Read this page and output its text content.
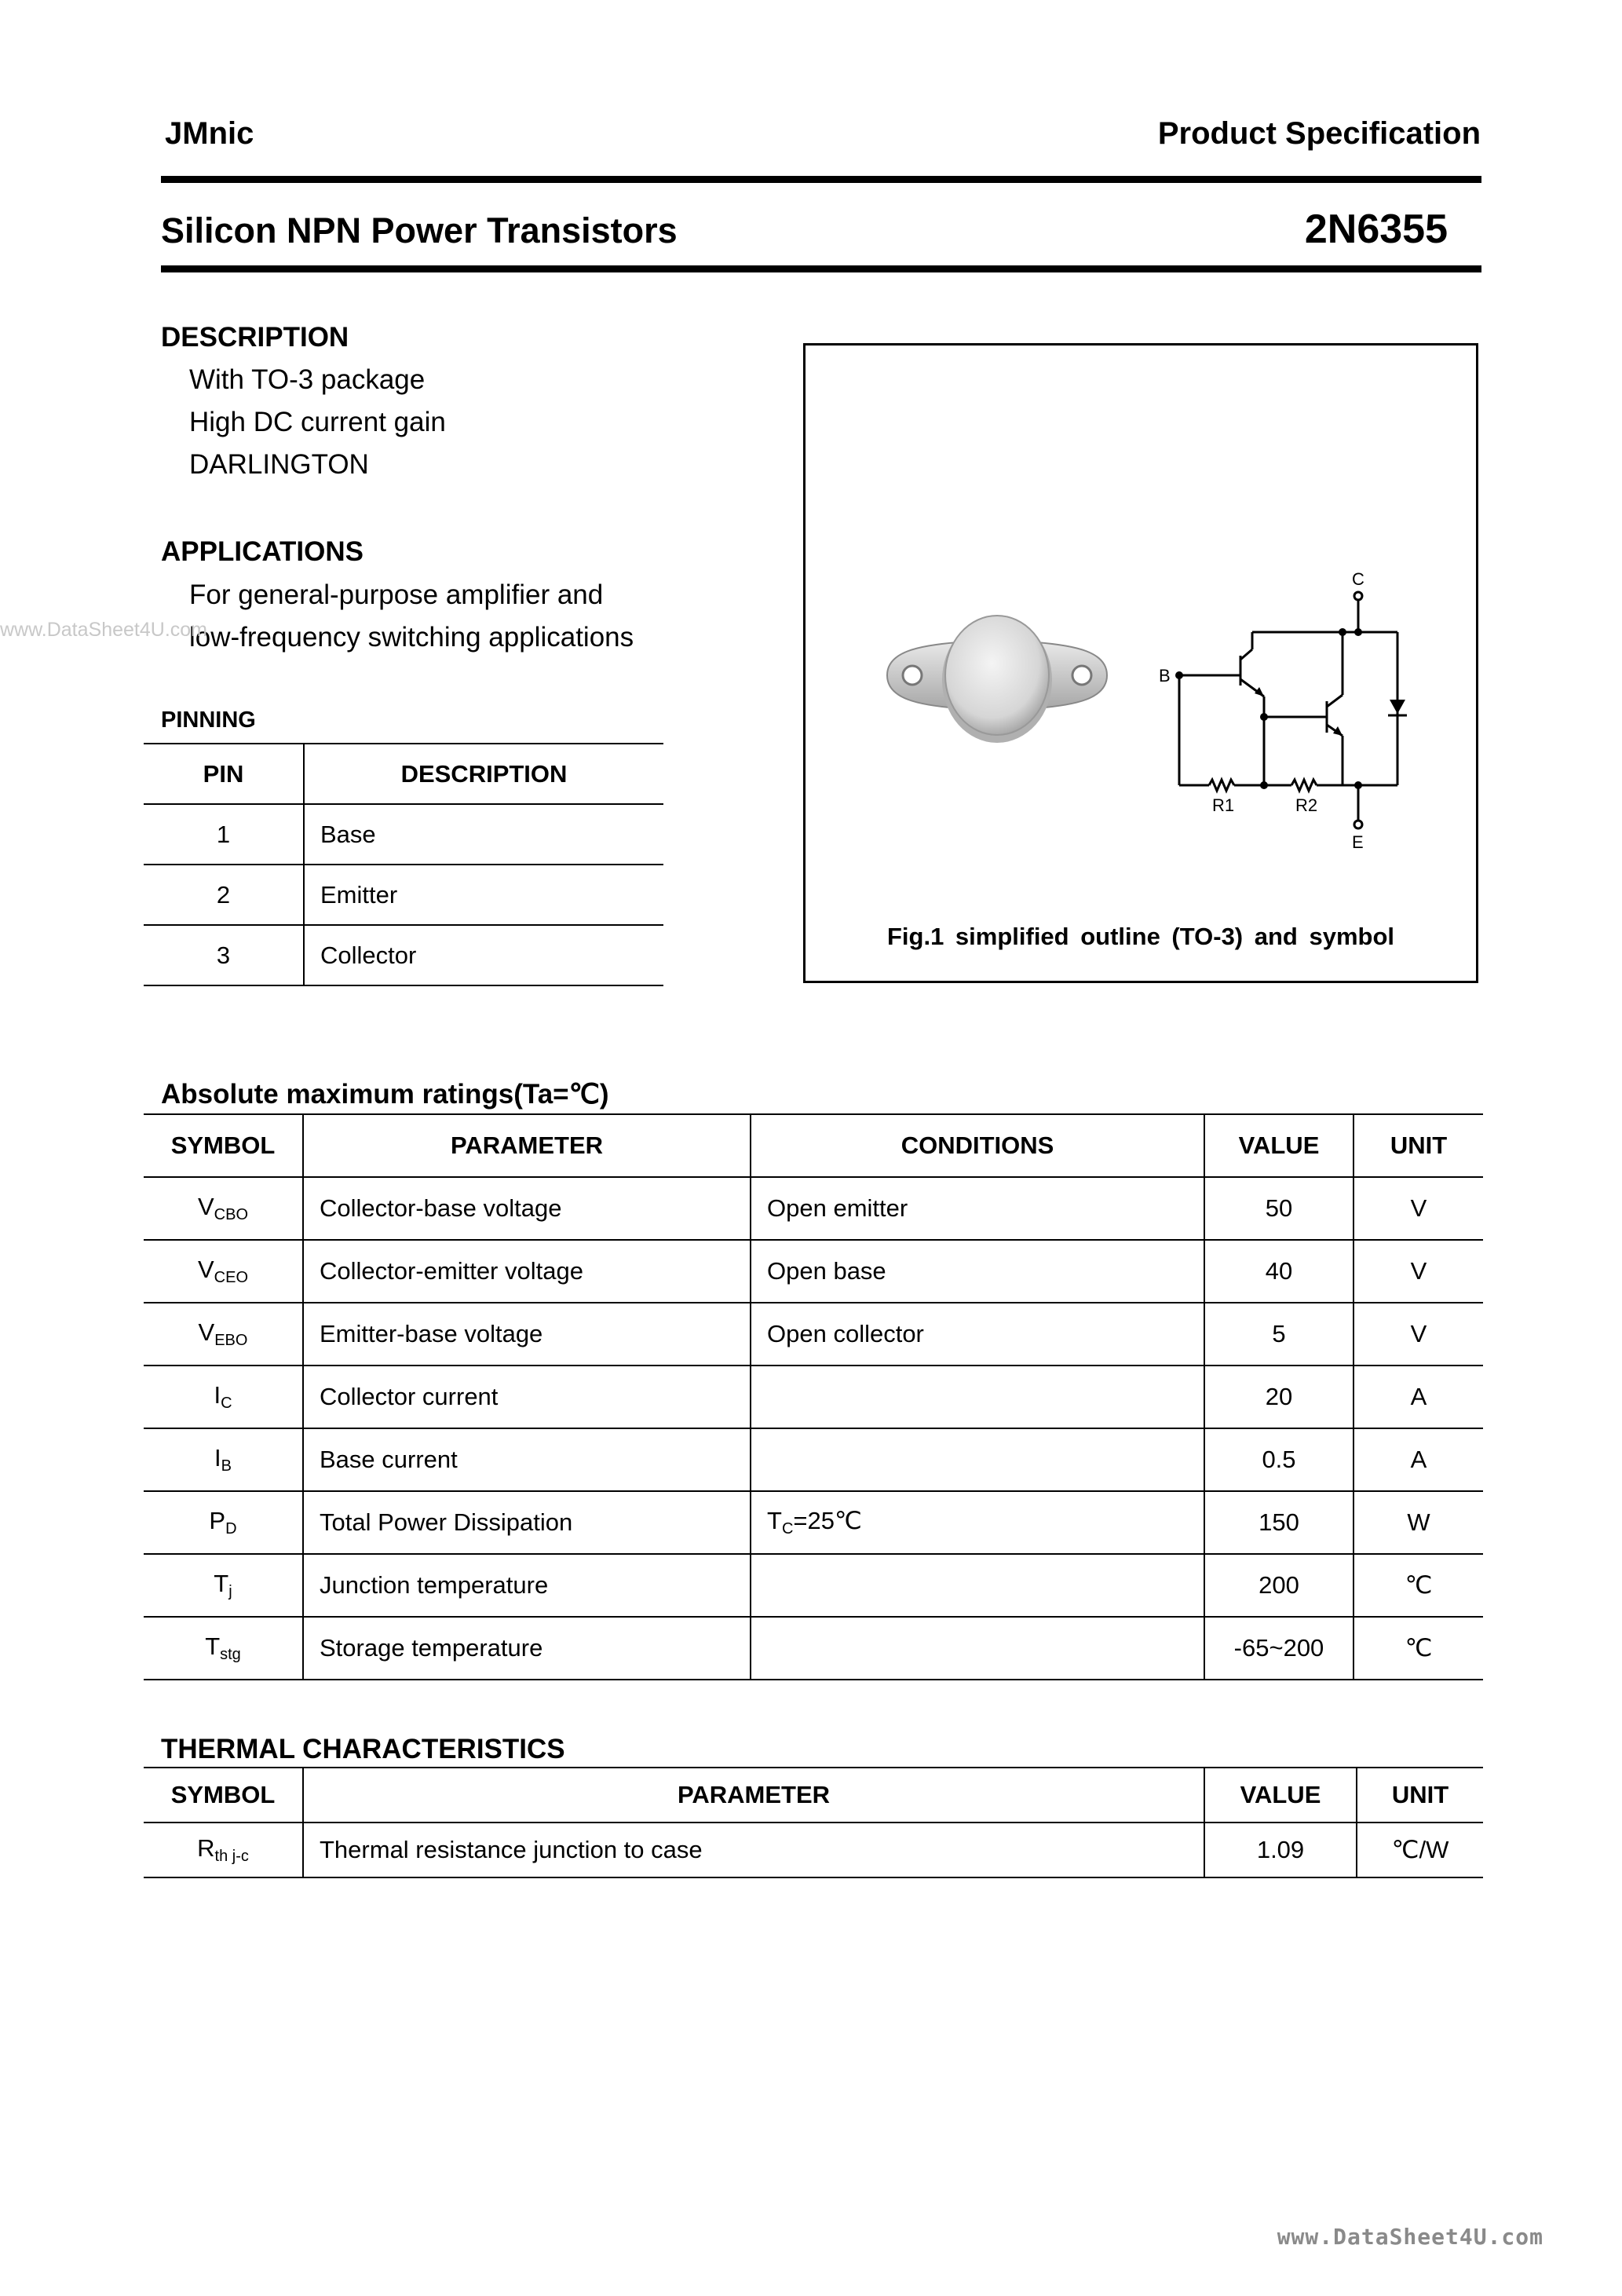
JMnic	Product Specification
Silicon NPN Power Transistors	2N6355
DESCRIPTION
With TO-3 package
High DC current gain
DARLINGTON
APPLICATIONS
For general-purpose amplifier and
low-frequency switching applications
www.DataSheet4U.com
PINNING
PIN	DESCRIPTION
1	Base
2	Emitter
3	Collector
C
B
R1	R2
E
Fig.1 simplified outline (TO-3) and symbol
Absolute maximum ratings(Ta=℃)
SYMBOL	PARAMETER	CONDITIONS	VALUE	UNIT
$V_{CBO}$	Collector-base voltage	Open emitter	50	V
$V_{CEO}$	Collector-emitter voltage	Open base	40	V
$V_{EBO}$	Emitter-base voltage	Open collector	5	V
$I_C$	Collector current		20	A
$I_B$	Base current		0.5	A
$P_D$	Total Power Dissipation	$T_C=25℃$	150	W
$T_j$	Junction temperature		200	℃
$T_{stg}$	Storage temperature		-65~200	℃
THERMAL CHARACTERISTICS
SYMBOL	PARAMETER	VALUE	UNIT
$R_{th j-c}$	Thermal resistance junction to case	1.09	℃/W
www.DataSheet4U.com
